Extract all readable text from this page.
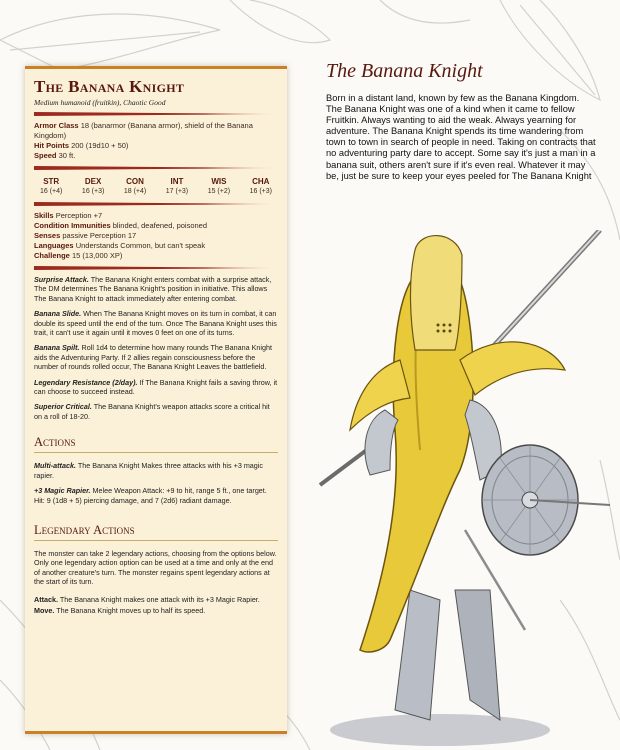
The Banana Knight
Medium humanoid (fruitkin), Chaotic Good
Armor Class 18 (banarmor (Banana armor), shield of the Banana Kingdom)
Hit Points 200 (19d10 + 50)
Speed 30 ft.
STR
16 (+4)
DEX
16 (+3)
CON
18 (+4)
INT
17 (+3)
WIS
15 (+2)
CHA
16 (+3)
Skills Perception +7
Condition Immunities blinded, deafened, poisoned
Senses passive Perception 17
Languages Understands Common, but can't speak
Challenge 15 (13,000 XP)
Surprise Attack. The Banana Knight enters combat with a surprise attack, The DM determines The Banana Knight's position in initiative. This allows The Banana Knight to attack immediately after entering combat.
Banana Slide. When The Banana Knight moves on its turn in combat, it can double its speed until the end of the turn. Once The Banana Knight uses this trait, it can't use it again until it moves 0 feet on one of its turns.
Banana Spilt. Roll 1d4 to determine how many rounds The Banana Knight aids the Adventuring Party. If 2 allies regain consciousness before the number of rounds rolled occur, The Banana Knight Leaves the battlefield.
Legendary Resistance (2/day). If The Banana Knight fails a saving throw, it can choose to succeed instead.
Superior Critical. The Banana Knight's weapon attacks score a critical hit on a roll of 18-20.
Actions
Multi-attack. The Banana Knight Makes three attacks with his +3 magic rapier.
+3 Magic Rapier. Melee Weapon Attack: +9 to hit, range 5 ft., one target. Hit: 9 (1d8 + 5) piercing damage, and 7 (2d6) radiant damage.
Legendary Actions
The monster can take 2 legendary actions, choosing from the options below. Only one legendary action option can be used at a time and only at the end of another creature's turn. The monster regains spent legendary actions at the start of its turn.
Attack. The Banana Knight makes one attack with its +3 Magic Rapier.
Move. The Banana Knight moves up to half its speed.
The Banana Knight
Born in a distant land, known by few as the Banana Kingdom. The Banana Knight was one of a kind when it came to fellow Fruitkin. Always wanting to aid the weak. Always yearning for adventure. The Banana Knight spends its time wandering from town to town in search of people in need. Taking on contracts that no adventuring party dare to accept. Some say it's just a man in a banana suit, others aren't sure if it's even real. Whatever it may be, just be sure to keep your eyes peeled for The Banana Knight
